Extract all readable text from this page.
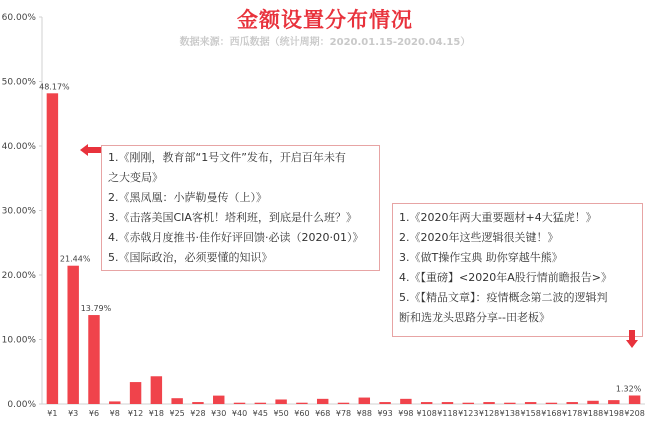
0.00%
10.00%
20.00%
30.00%
40.00%
50.00%
60.00%
¥1
48.17%
¥3
21.44%
¥6
13.79%
¥8 ¥12 ¥18 ¥25 ¥28 ¥30 ¥40 ¥45 ¥50 ¥60 ¥68 ¥78 ¥88 ¥93 ¥98 ¥108 ¥118 ¥123 ¥128 ¥138 ¥158 ¥168 ¥178 ¥188 ¥198 ¥208
1.32%
金额设置分布情况
数据来源：西瓜数据（统计周期：2020.01.15-2020.04.15）
1.《刚刚，教育部“1号文件”发布，开启百年未有
之大变局》
2.《黑凤凰：小萨勒曼传（上）》
3.《击落美国CIA客机！塔利班，到底是什么班？》
4.《赤戟月度推书·佳作好评回馈·必读（2020·01）》
5.《国际政治，必须要懂的知识》
1.《2020年两大重要题材+4大猛虎！》
2.《2020年这些逻辑很关键！》
3.《做T操作宝典 助你穿越牛熊》
4.《【重磅】<2020年A股行情前瞻报告>》
5.《【精品文章】：疫情概念第二波的逻辑判
断和选龙头思路分享--田老板》
